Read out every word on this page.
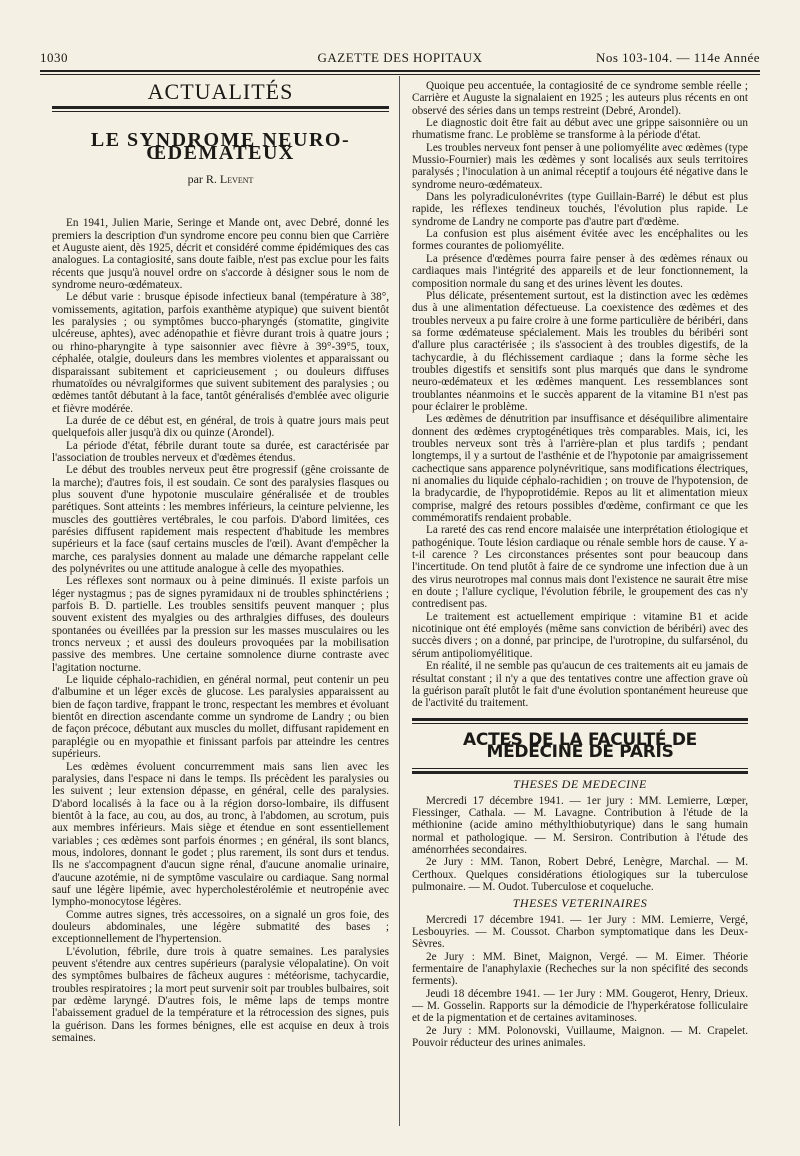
1030	GAZETTE DES HOPITAUX	Nos 103-104. — 114e Année
ACTUALITÉS
LE SYNDROME NEURO-ŒDÉMATEUX
par R. Levent

En 1941, Julien Marie, Seringe et Mande ont, avec Debré, donné les premiers la description d'un syndrome encore peu connu bien que Carrière et Auguste aient, dès 1925, décrit et considéré comme épidémiques des cas analogues. La contagiosité, sans doute faible, n'est pas exclue pour les faits récents que jusqu'à nouvel ordre on s'accorde à désigner sous le nom de syndrome neuro-œdémateux.

Le début varie : brusque épisode infectieux banal (température à 38°, vomissements, agitation, parfois exanthème atypique) que suivent bientôt les paralysies ; ou symptômes bucco-pharyngés (stomatite, gingivite ulcéreuse, aphtes), avec adénopathie et fièvre durant trois à quatre jours ; ou rhino-pharyngite à type saisonnier avec fièvre à 39°-39°5, toux, céphalée, otalgie, douleurs dans les membres violentes et apparaissant ou disparaissant subitement et capricieusement ; ou douleurs diffuses rhumatoïdes ou névralgiformes que suivent subitement des paralysies ; ou œdèmes tantôt débutant à la face, tantôt généralisés d'emblée avec oligurie et fièvre modérée.

La durée de ce début est, en général, de trois à quatre jours mais peut quelquefois aller jusqu'à dix ou quinze (Arondel).

La période d'état, fébrile durant toute sa durée, est caractérisée par l'association de troubles nerveux et d'œdèmes étendus.

Le début des troubles nerveux peut être progressif (gêne croissante de la marche); d'autres fois, il est soudain. Ce sont des paralysies flasques ou plus souvent d'une hypotonie musculaire généralisée et de troubles parétiques. Sont atteints : les membres inférieurs, la ceinture pelvienne, les muscles des gouttières vertébrales, le cou parfois. D'abord limitées, ces parésies diffusent rapidement mais respectent d'habitude les membres supérieurs et la face (sauf certains muscles de l'œil). Avant d'empêcher la marche, ces paralysies donnent au malade une démarche rappelant celle des polynévrites ou une attitude analogue à celle des myopathies.

Les réflexes sont normaux ou à peine diminués. Il existe parfois un léger nystagmus ; pas de signes pyramidaux ni de troubles sphinctériens ; parfois B. D. partielle. Les troubles sensitifs peuvent manquer ; plus souvent existent des myalgies ou des arthralgies diffuses, des douleurs spontanées ou éveillées par la pression sur les masses musculaires ou les troncs nerveux ; et aussi des douleurs provoquées par la mobilisation passive des membres. Une certaine somnolence diurne contraste avec l'agitation nocturne.

Le liquide céphalo-rachidien, en général normal, peut contenir un peu d'albumine et un léger excès de glucose. Les paralysies apparaissent au bien de façon tardive, frappant le tronc, respectant les membres et évoluant bientôt en direction ascendante comme un syndrome de Landry ; ou bien de façon précoce, débutant aux muscles du mollet, diffusant rapidement en paraplégie ou en myopathie et finissant parfois par atteindre les centres supérieurs.

Les œdèmes évoluent concurremment mais sans lien avec les paralysies, dans l'espace ni dans le temps. Ils précèdent les paralysies ou les suivent ; leur extension dépasse, en général, celle des paralysies. D'abord localisés à la face ou à la région dorso-lombaire, ils diffusent bientôt à la face, au cou, au dos, au tronc, à l'abdomen, au scrotum, puis aux membres inférieurs. Mais siège et étendue en sont essentiellement variables ; ces œdèmes sont parfois énormes ; en général, ils sont blancs, mous, indolores, donnant le godet ; plus rarement, ils sont durs et tendus. Ils ne s'accompagnent d'aucun signe rénal, d'aucune anomalie urinaire, d'aucune azotémie, ni de symptôme vasculaire ou cardiaque. Sang normal sauf une légère lipémie, avec hypercholestérolémie et neutropénie avec lympho-monocytose légères.

Comme autres signes, très accessoires, on a signalé un gros foie, des douleurs abdominales, une légère submatité des bases ; exceptionnellement de l'hypertension.

L'évolution, fébrile, dure trois à quatre semaines. Les paralysies peuvent s'étendre aux centres supérieurs (paralysie vélopalatine). On voit des symptômes bulbaires de fâcheux augures : météorisme, tachycardie, troubles respiratoires ; la mort peut survenir soit par troubles bulbaires, soit par œdème laryngé. D'autres fois, le même laps de temps montre l'abaissement graduel de la température et la rétrocession des signes, puis la guérison. Dans les formes bénignes, elle est acquise en deux à trois semaines.

Quoique peu accentuée, la contagiosité de ce syndrome semble réelle ; Carrière et Auguste la signalaient en 1925 ; les auteurs plus récents en ont observé des séries dans un temps restreint (Debré, Arondel).

Le diagnostic doit être fait au début avec une grippe saisonnière ou un rhumatisme franc. Le problème se transforme à la période d'état.

Les troubles nerveux font penser à une poliomyélite avec œdèmes (type Mussio-Fournier) mais les œdèmes y sont localisés aux seuls territoires paralysés ; l'inoculation à un animal réceptif a toujours été négative dans le syndrome neuro-œdémateux.

Dans les polyradiculonévrites (type Guillain-Barré) le début est plus rapide, les réflexes tendineux touchés, l'évolution plus rapide. Le syndrome de Landry ne comporte pas d'autre part d'œdème.

La confusion est plus aisément évitée avec les encéphalites ou les formes courantes de poliomyélite.

La présence d'œdèmes pourra faire penser à des œdèmes rénaux ou cardiaques mais l'intégrité des appareils et de leur fonctionnement, la composition normale du sang et des urines lèvent les doutes.

Plus délicate, présentement surtout, est la distinction avec les œdèmes dus à une alimentation défectueuse. La coexistence des œdèmes et des troubles nerveux a pu faire croire à une forme particulière de béribéri, dans sa forme œdémateuse spécialement. Mais les troubles du béribéri sont d'allure plus caractérisée ; ils s'associent à des troubles digestifs, de la tachycardie, à du fléchissement cardiaque ; dans la forme sèche les troubles digestifs et sensitifs sont plus marqués que dans le syndrome neuro-œdémateux et les œdèmes manquent. Les ressemblances sont troublantes néanmoins et le succès apparent de la vitamine B1 n'est pas pour éclairer le problème.

Les œdèmes de dénutrition par insuffisance et déséquilibre alimentaire donnent des œdèmes cryptogénétiques très comparables. Mais, ici, les troubles nerveux sont très à l'arrière-plan et plus tardifs ; pendant longtemps, il y a surtout de l'asthénie et de l'hypotonie par amaigrissement cachectique sans apparence polynévritique, sans modifications électriques, ni anomalies du liquide céphalo-rachidien ; on trouve de l'hypotension, de la bradycardie, de l'hypoprotidémie. Repos au lit et alimentation mieux comprise, malgré des retours possibles d'œdème, confirmant ce que les commémoratifs rendaient probable.

La rareté des cas rend encore malaisée une interprétation étiologique et pathogénique. Toute lésion cardiaque ou rénale semble hors de cause. Y a-t-il carence ? Les circonstances présentes sont pour beaucoup dans l'incertitude. On tend plutôt à faire de ce syndrome une infection due à un des virus neurotropes mal connus mais dont l'existence ne saurait être mise en doute ; l'allure cyclique, l'évolution fébrile, le groupement des cas n'y contredisent pas.

Le traitement est actuellement empirique : vitamine B1 et acide nicotinique ont été employés (même sans conviction de béribéri) avec des succès divers ; on a donné, par principe, de l'urotropine, du sulfarsénol, du sérum antipoliomyélitique.

En réalité, il ne semble pas qu'aucun de ces traitements ait eu jamais de résultat constant ; il n'y a que des tentatives contre une affection grave où la guérison paraît plutôt le fait d'une évolution spontanément heureuse que de l'activité du traitement.

ACTES DE LA FACULTÉ DE MÉDECINE DE PARIS
THESES DE MEDECINE

Mercredi 17 décembre 1941. — 1er jury : MM. Lemierre, Lœper, Fiessinger, Cathala. — M. Lavagne. Contribution à l'étude de la méthionine (acide amino méthylthiobutyrique) dans le sang humain normal et pathologique. — M. Sersiron. Contribution à l'étude des aménorrhées secondaires.

2e Jury : MM. Tanon, Robert Debré, Lenègre, Marchal. — M. Certhoux. Quelques considérations étiologiques sur la tuberculose pulmonaire. — M. Oudot. Tuberculose et coqueluche.

THESES VETERINAIRES

Mercredi 17 décembre 1941. — 1er Jury : MM. Lemierre, Vergé, Lesbouyries. — M. Coussot. Charbon symptomatique dans les Deux-Sèvres.

2e Jury : MM. Binet, Maignon, Vergé. — M. Eimer. Théorie fermentaire de l'anaphylaxie (Recheches sur la non spécifité des seconds ferments).

Jeudi 18 décembre 1941. — 1er Jury : MM. Gougerot, Henry, Drieux. — M. Gosselin. Rapports sur la démodicie de l'hyperkératose folliculaire et de la pigmentation et de certaines avitaminoses.

2e Jury : MM. Polonovski, Vuillaume, Maignon. — M. Crapelet. Pouvoir réducteur des urines animales.
